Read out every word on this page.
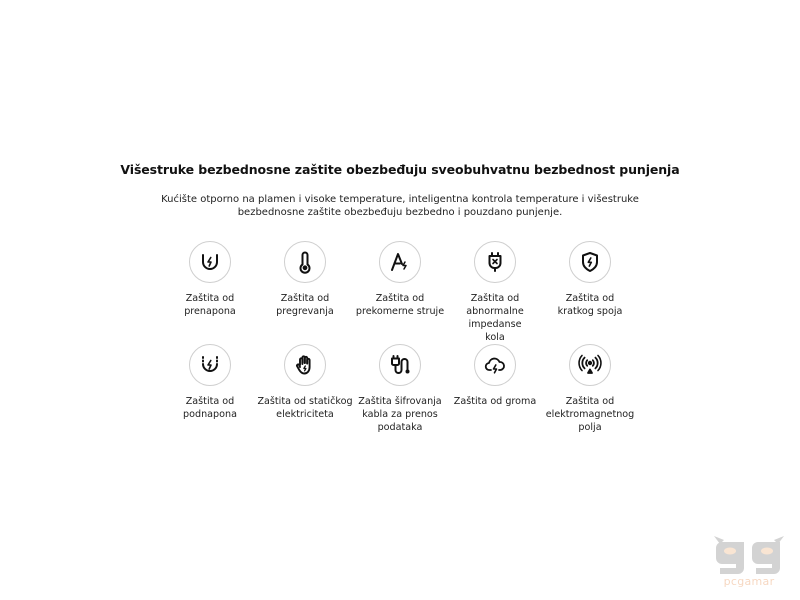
Višestruke bezbednosne zaštite obezbeđuju sveobuhvatnu bezbednost punjenja
Kućište otporno na plamen i visoke temperature, inteligentna kontrola temperature i višestruke bezbednosne zaštite obezbeđuju bezbedno i pouzdano punjenje.
Zaštita od prenapona
Zaštita od pregrevanja
Zaštita od prekomerne struje
Zaštita od abnormalne impedanse kola
Zaštita od kratkog spoja
Zaštita od podnapona
Zaštita od statičkog elektriciteta
Zaštita šifrovanja kabla za prenos podataka
Zaštita od groma	Zaštita od elektromagnetnog polja
pcgamar
